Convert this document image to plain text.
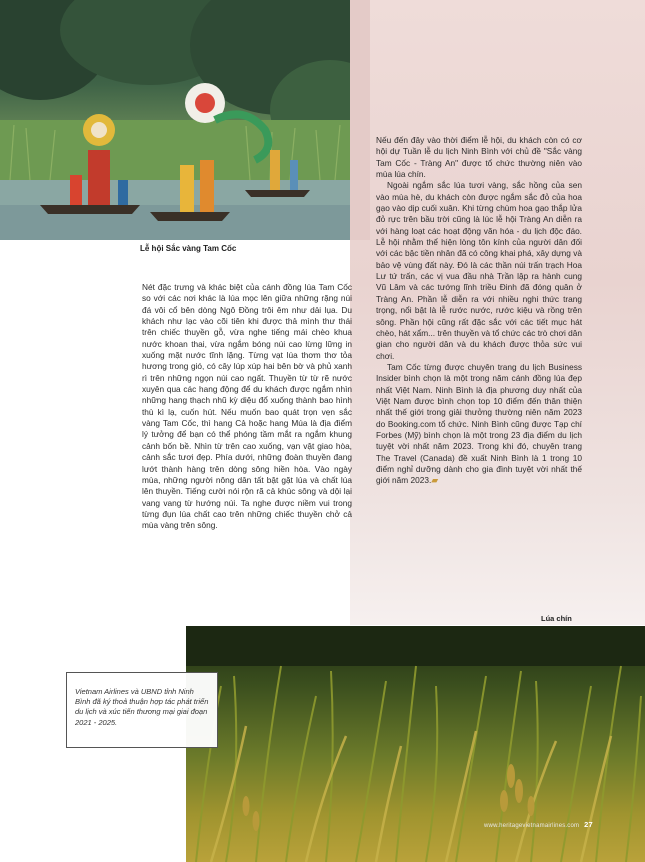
Lễ hội Sắc vàng Tam Cốc

Nét đặc trưng và khác biệt của cánh đồng lúa Tam Cốc so với các nơi khác là lúa mọc lên giữa những rặng núi đá vôi cổ bên dòng Ngô Đồng trôi êm như dải lụa. Du khách như lạc vào cõi tiên khi được thả mình thư thái trên chiếc thuyền gỗ, vừa nghe tiếng mái chèo khua nước khoan thai, vừa ngắm bóng núi cao lừng lững in xuống mặt nước tĩnh lặng. Từng vạt lúa thơm thơ tỏa hương trong gió, có cây lúp xúp hai bên bờ và phủ xanh rì trên những ngọn núi cao ngất. Thuyền từ từ rẽ nước xuyên qua các hang động để du khách được ngắm nhìn những hang thạch nhũ kỳ diệu đổ xuống thành bao hình thù kì lạ, cuốn hút. Nếu muốn bao quát trọn vẹn sắc vàng Tam Cốc, thì hang Cả hoặc hang Múa là địa điểm lý tưởng để bạn có thể phóng tầm mắt ra ngắm khung cảnh bốn bề. Nhìn từ trên cao xuống, vạn vật giao hòa, cảnh sắc tươi đẹp. Phía dưới, những đoàn thuyền đang lướt thành hàng trên dòng sông hiền hòa. Vào ngày mùa, những người nông dân tất bật gặt lúa và chất lúa lên thuyền. Tiếng cười nói rộn rã cả khúc sông và dội lại vang vang từ hướng núi. Ta nghe được niềm vui trong từng đụn lúa chất cao trên những chiếc thuyền chở cả mùa vàng trên sông.

Nếu đến đây vào thời điểm lễ hội, du khách còn có cơ hội dự Tuần lễ du lịch Ninh Bình với chủ đề "Sắc vàng Tam Cốc - Tràng An" được tổ chức thường niên vào mùa lúa chín.

Ngoài ngắm sắc lúa tươi vàng, sắc hồng của sen vào mùa hè, du khách còn được ngắm sắc đỏ của hoa gạo vào dịp cuối xuân. Khi từng chùm hoa gạo thắp lửa đỏ rực trên bầu trời cũng là lúc lễ hội Tràng An diễn ra với hàng loạt các hoạt động văn hóa - du lịch độc đáo. Lễ hội nhằm thể hiện lòng tôn kính của người dân đối với các bậc tiền nhân đã có công khai phá, xây dựng và bảo vệ vùng đất này. Đó là các thần núi trấn trạch Hoa Lư tứ trấn, các vị vua đầu nhà Trần lập ra hành cung Vũ Lâm và các tướng lĩnh triều Đinh đã đóng quân ở Tràng An. Phần lễ diễn ra với nhiều nghi thức trang trọng, nổi bật là lễ rước nước, rước kiệu và rồng trên sông. Phần hội cũng rất đặc sắc với các tiết mục hát chèo, hát xẩm... trên thuyền và tổ chức các trò chơi dân gian cho người dân và du khách được thỏa sức vui chơi.

Tam Cốc từng được chuyên trang du lịch Business Insider bình chọn là một trong năm cánh đồng lúa đẹp nhất Việt Nam. Ninh Bình là địa phương duy nhất của Việt Nam được bình chọn top 10 điểm đến thân thiện nhất thế giới trong giải thưởng thường niên năm 2023 do Booking.com tổ chức. Ninh Bình cũng được Tạp chí Forbes (Mỹ) bình chọn là một trong 23 địa điểm du lịch tuyệt vời nhất năm 2023. Trong khi đó, chuyên trang The Travel (Canada) đề xuất Ninh Bình là 1 trong 10 điểm nghỉ dưỡng dành cho gia đình tuyệt vời nhất thế giới năm 2023.▰

Lúa chín
Vietnam Airlines và UBND tỉnh Ninh Bình đã ký thoả thuận hợp tác phát triển du lịch và xúc tiến thương mại giai đoạn 2021 - 2025.
www.heritagevietnamairlines.com 27
